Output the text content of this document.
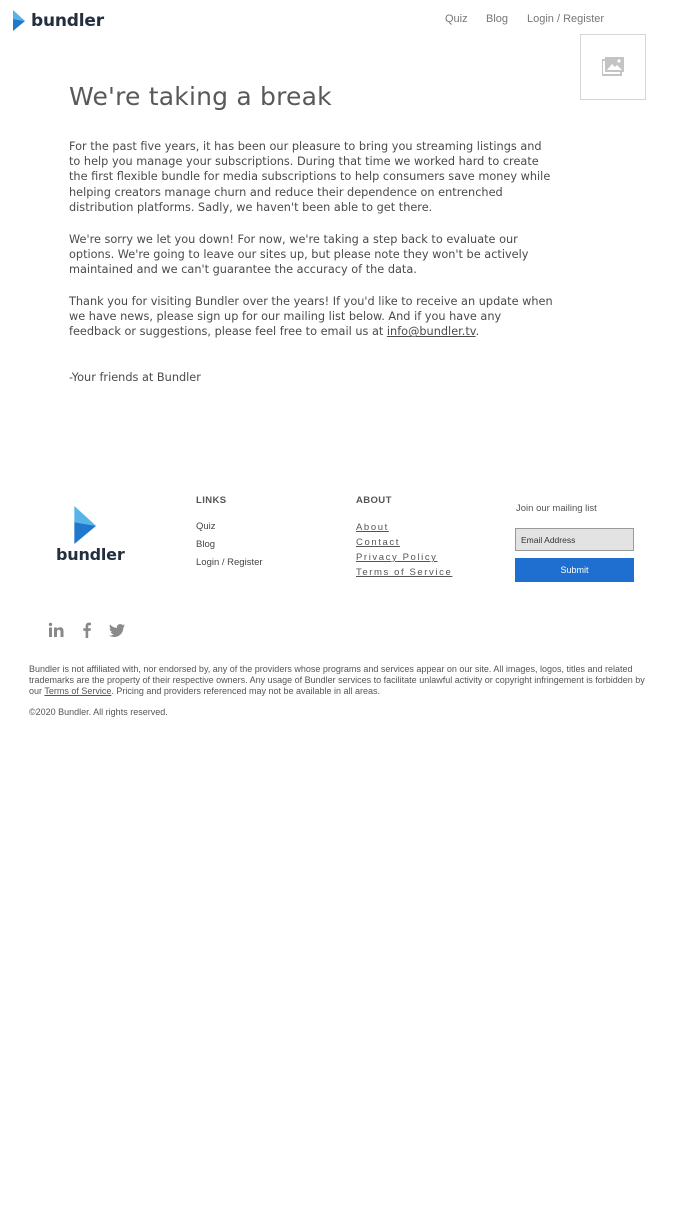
bundler	Quiz Blog Login / Register
We're taking a break

For the past five years, it has been our pleasure to bring you streaming listings and to help you manage your subscriptions. During that time we worked hard to create the first flexible bundle for media subscriptions to help consumers save money while helping creators manage churn and reduce their dependence on entrenched distribution platforms. Sadly, we haven't been able to get there.

We're sorry we let you down! For now, we're taking a step back to evaluate our options. We're going to leave our sites up, but please note they won't be actively maintained and we can't guarantee the accuracy of the data.

Thank you for visiting Bundler over the years! If you'd like to receive an update when we have news, please sign up for our mailing list below. And if you have any feedback or suggestions, please feel free to email us at info@bundler.tv.

-Your friends at Bundler

bundler
LINKS
Quiz
Blog
Login / Register
ABOUT
About
Contact
Privacy Policy
Terms of Service
Join our mailing list
Email Address
Submit

Bundler is not affiliated with, nor endorsed by, any of the providers whose programs and services appear on our site. All images, logos, titles and related trademarks are the property of their respective owners. Any usage of Bundler services to facilitate unlawful activity or copyright infringement is forbidden by our Terms of Service. Pricing and providers referenced may not be available in all areas.

©2020 Bundler. All rights reserved.
